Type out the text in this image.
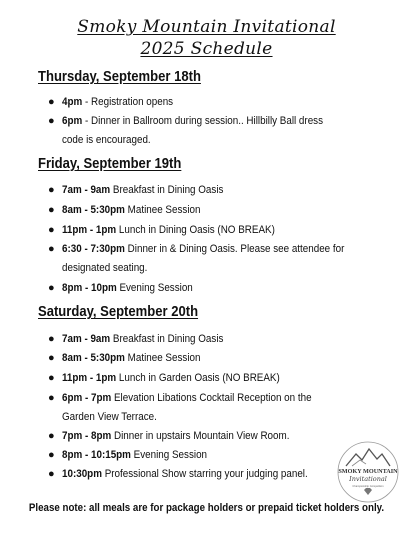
Smoky Mountain Invitational
2025 Schedule
Thursday, September 18th
● 4pm - Registration opens
● 6pm - Dinner in Ballroom during session.. Hillbilly Ball dress
code is encouraged.
Friday, September 19th
● 7am - 9am Breakfast in Dining Oasis
● 8am - 5:30pm Matinee Session
● 11pm - 1pm Lunch in Dining Oasis (NO BREAK)
● 6:30 - 7:30pm Dinner in & Dining Oasis. Please see attendee for
designated seating.
● 8pm - 10pm Evening Session
Saturday, September 20th
● 7am - 9am Breakfast in Dining Oasis
● 8am - 5:30pm Matinee Session
● 11pm - 1pm Lunch in Garden Oasis (NO BREAK)
● 6pm - 7pm Elevation Libations Cocktail Reception on the
Garden View Terrace.
● 7pm - 8pm Dinner in upstairs Mountain View Room.
● 8pm - 10:15pm Evening Session
● 10:30pm Professional Show starring your judging panel.	SMOKY MOUNTAIN
Invitational
Championship Competition
Please note: all meals are for package holders or prepaid ticket holders only.
